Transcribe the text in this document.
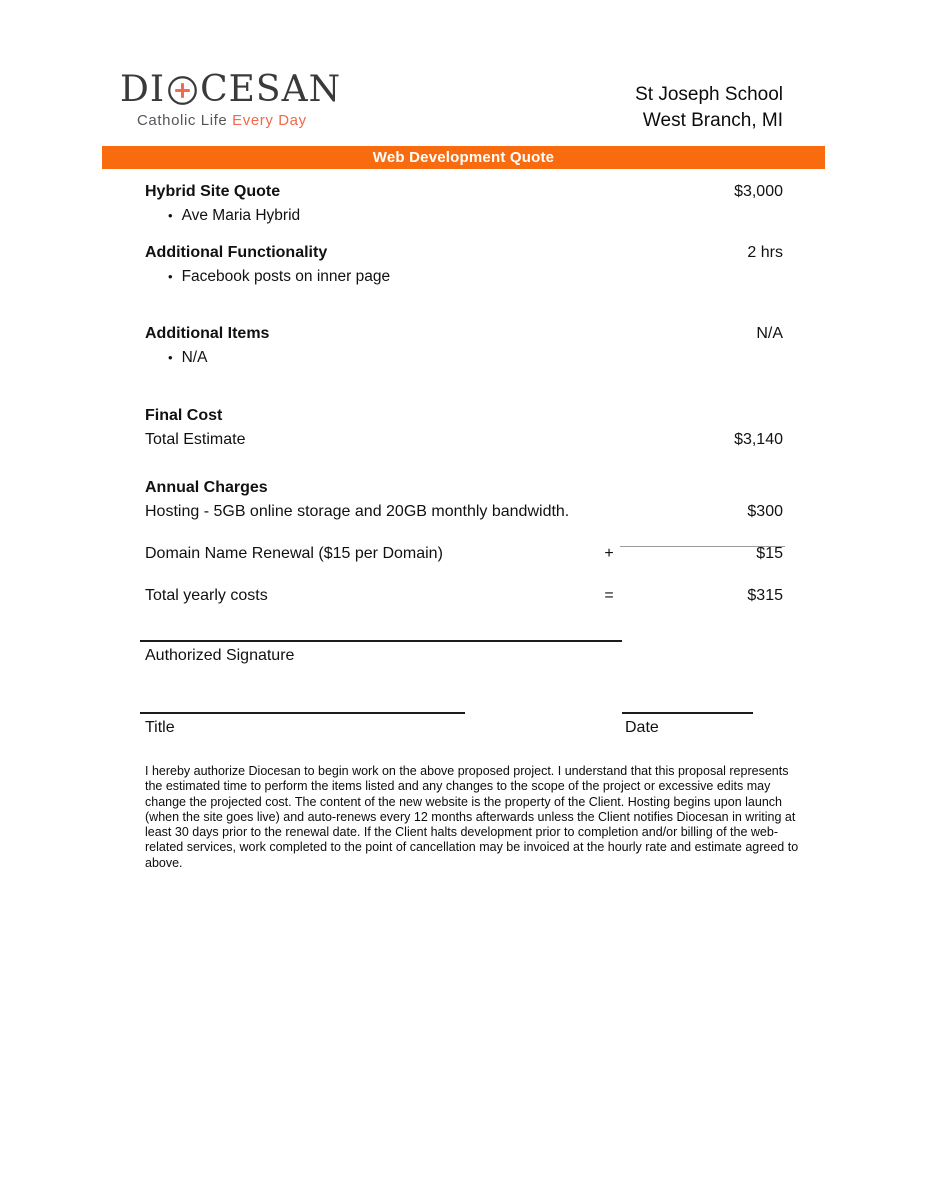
DI CESAN
Catholic Life Every Day
St Joseph School
West Branch, MI
Web Development Quote
Hybrid Site Quote	$3,000
• Ave Maria Hybrid
Additional Functionality	2 hrs
• Facebook posts on inner page
Additional Items	N/A
• N/A
Final Cost
Total Estimate	$3,140
Annual Charges
Hosting - 5GB online storage and 20GB monthly bandwidth.	$300
Domain Name Renewal ($15 per Domain)	+	$15
Total yearly costs	=	$315
Authorized Signature
Title	Date
I hereby authorize Diocesan to begin work on the above proposed project. I understand that this proposal represents the estimated time to perform the items listed and any changes to the scope of the project or excessive edits may change the projected cost. The content of the new website is the property of the Client. Hosting begins upon launch (when the site goes live) and auto-renews every 12 months afterwards unless the Client notifies Diocesan in writing at least 30 days prior to the renewal date. If the Client halts development prior to completion and/or billing of the web-related services, work completed to the point of cancellation may be invoiced at the hourly rate and estimate agreed to above.
